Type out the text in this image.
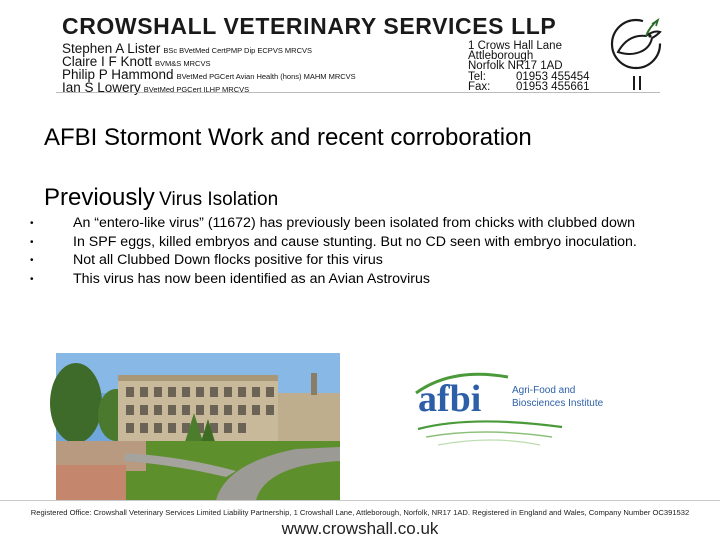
CROWSHALL VETERINARY SERVICES LLP
Stephen A Lister BSc BVetMed CertPMP Dip ECPVS MRCVS
Claire I F Knott BVM&S MRCVS
Philip P Hammond BVetMed PGCert Avian Health (hons) MAHM MRCVS
Ian S Lowery BVetMed PGCert ILHP MRCVS
1 Crows Hall Lane
Attleborough
Norfolk NR17 1AD
Tel:	01953 455454
Fax: 01953 455661
AFBI Stormont Work and recent corroboration
Previously Virus Isolation
•	An “entero-like virus” (11672) has previously been isolated from chicks with clubbed down
•	In SPF eggs, killed embryos and cause stunting. But no CD seen with embryo inoculation.
•	Not all Clubbed Down flocks positive for this virus
•	This virus has now been identified as an Avian Astrovirus
afbi	Agri-Food and
Biosciences Institute
Registered Office: Crowshall Veterinary Services Limited Liability Partnership, 1 Crowshall Lane, Attleborough, Norfolk, NR17 1AD. Registered in England and Wales, Company Number OC391532
www.crowshall.co.uk
